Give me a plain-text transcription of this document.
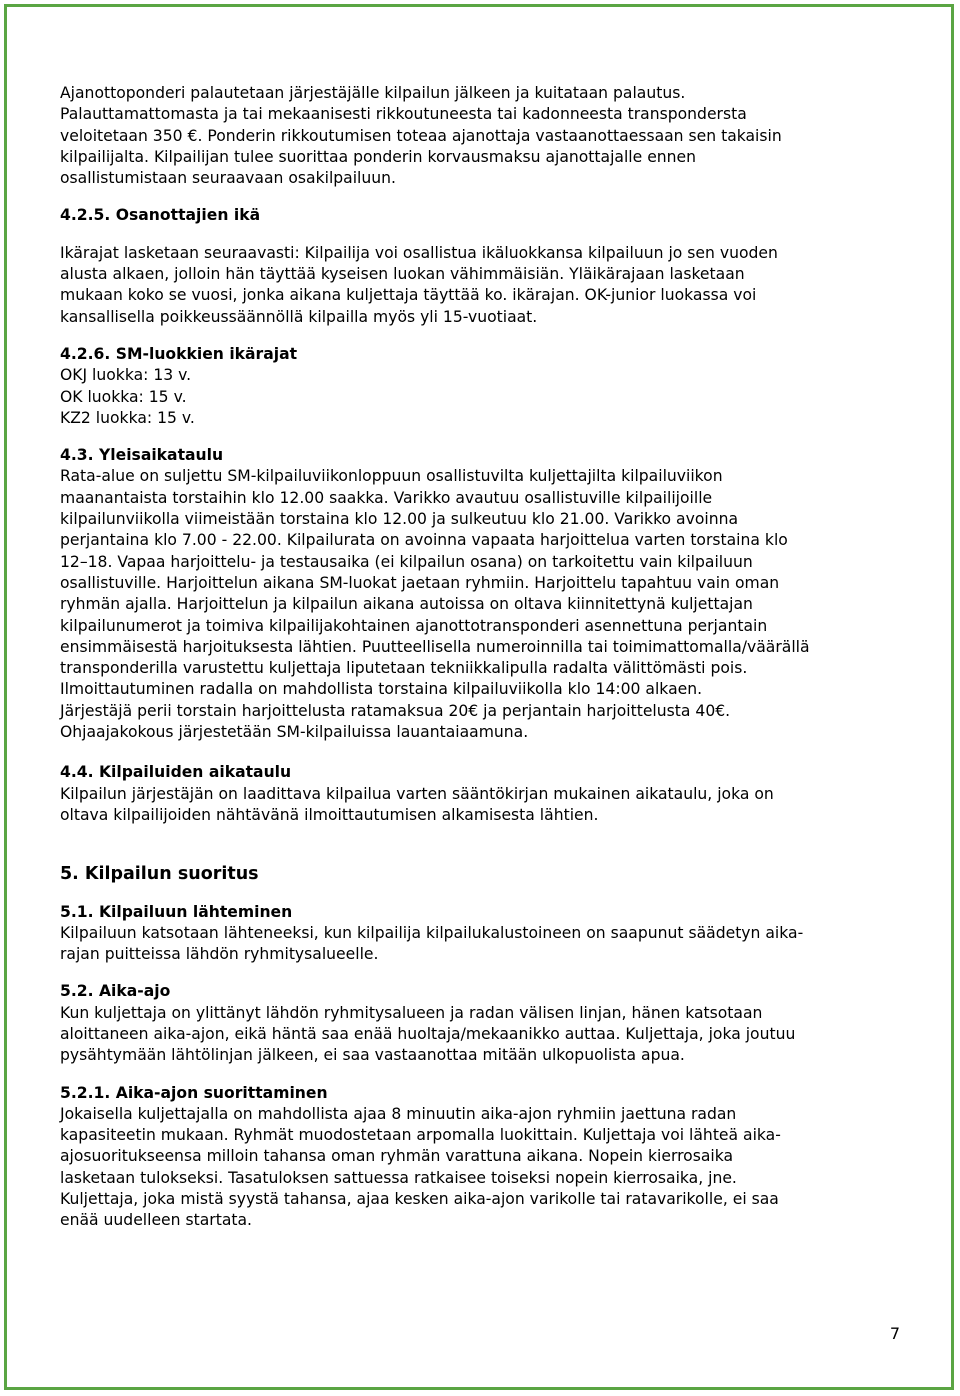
Ajanottoponderi palautetaan järjestäjälle kilpailun jälkeen ja kuitataan palautus.

Palauttamattomasta ja tai mekaanisesti rikkoutuneesta tai kadonneesta transpondersta

veloitetaan 350 €. Ponderin rikkoutumisen toteaa ajanottaja vastaanottaessaan sen takaisin

kilpailijalta. Kilpailijan tulee suorittaa ponderin korvausmaksu ajanottajalle ennen

osallistumistaan seuraavaan osakilpailuun.

4.2.5. Osanottajien ikä

Ikärajat lasketaan seuraavasti: Kilpailija voi osallistua ikäluokkansa kilpailuun jo sen vuoden

alusta alkaen, jolloin hän täyttää kyseisen luokan vähimmäisiän. Yläikärajaan lasketaan

mukaan koko se vuosi, jonka aikana kuljettaja täyttää ko. ikärajan. OK-junior luokassa voi

kansallisella poikkeussäännöllä kilpailla myös yli 15-vuotiaat.

4.2.6. SM-luokkien ikärajat

OKJ luokka: 13 v.

OK luokka: 15 v.

KZ2 luokka: 15 v.

4.3. Yleisaikataulu

Rata-alue on suljettu SM-kilpailuviikonloppuun osallistuvilta kuljettajilta kilpailuviikon

maanantaista torstaihin klo 12.00 saakka. Varikko avautuu osallistuville kilpailijoille

kilpailunviikolla viimeistään torstaina klo 12.00 ja sulkeutuu klo 21.00. Varikko avoinna

perjantaina klo 7.00 - 22.00. Kilpailurata on avoinna vapaata harjoittelua varten torstaina klo

12–18. Vapaa harjoittelu- ja testausaika (ei kilpailun osana) on tarkoitettu vain kilpailuun

osallistuville. Harjoittelun aikana SM-luokat jaetaan ryhmiin. Harjoittelu tapahtuu vain oman

ryhmän ajalla. Harjoittelun ja kilpailun aikana autoissa on oltava kiinnitettynä kuljettajan

kilpailunumerot ja toimiva kilpailijakohtainen ajanottotransponderi asennettuna perjantain

ensimmäisestä harjoituksesta lähtien. Puutteellisella numeroinnilla tai toimimattomalla/väärällä

transponderilla varustettu kuljettaja liputetaan tekniikkalipulla radalta välittömästi pois.

Ilmoittautuminen radalla on mahdollista torstaina kilpailuviikolla klo 14:00 alkaen.

Järjestäjä perii torstain harjoittelusta ratamaksua 20€ ja perjantain harjoittelusta 40€.

Ohjaajakokous järjestetään SM-kilpailuissa lauantaiaamuna.

4.4. Kilpailuiden aikataulu

Kilpailun järjestäjän on laadittava kilpailua varten sääntökirjan mukainen aikataulu, joka on

oltava kilpailijoiden nähtävänä ilmoittautumisen alkamisesta lähtien.

5. Kilpailun suoritus

5.1. Kilpailuun lähteminen

Kilpailuun katsotaan lähteneeksi, kun kilpailija kilpailukalustoineen on saapunut säädetyn aika-

rajan puitteissa lähdön ryhmitysalueelle.

5.2. Aika-ajo

Kun kuljettaja on ylittänyt lähdön ryhmitysalueen ja radan välisen linjan, hänen katsotaan

aloittaneen aika-ajon, eikä häntä saa enää huoltaja/mekaanikko auttaa. Kuljettaja, joka joutuu

pysähtymään lähtölinjan jälkeen, ei saa vastaanottaa mitään ulkopuolista apua.

5.2.1. Aika-ajon suorittaminen

Jokaisella kuljettajalla on mahdollista ajaa 8 minuutin aika-ajon ryhmiin jaettuna radan

kapasiteetin mukaan. Ryhmät muodostetaan arpomalla luokittain. Kuljettaja voi lähteä aika-

ajosuoritukseensa milloin tahansa oman ryhmän varattuna aikana. Nopein kierrosaika

lasketaan tulokseksi. Tasatuloksen sattuessa ratkaisee toiseksi nopein kierrosaika, jne.

Kuljettaja, joka mistä syystä tahansa, ajaa kesken aika-ajon varikolle tai ratavarikolle, ei saa

enää uudelleen startata.

7
